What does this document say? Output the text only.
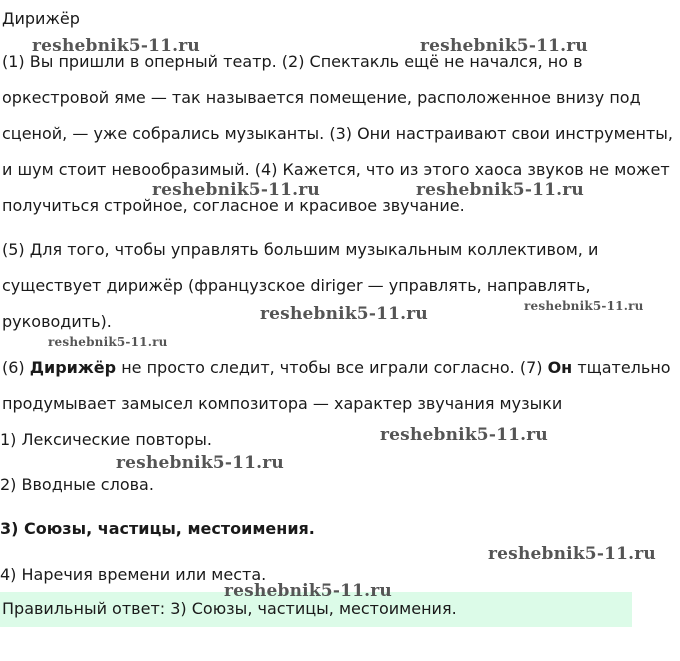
Дирижёр
(1) Вы пришли в оперный театр. (2) Спектакль ещё не начался, но в
оркестровой яме — так называется помещение, расположенное внизу под
сценой, — уже собрались музыканты. (3) Они настраивают свои инструменты,
и шум стоит невообразимый. (4) Кажется, что из этого хаоса звуков не может
получиться стройное, согласное и красивое звучание.
(5) Для того, чтобы управлять большим музыкальным коллективом, и
существует дирижёр (французское diriger — управлять, направлять,
руководить).
(6) Дирижёр не просто следит, чтобы все играли согласно. (7) Он тщательно
продумывает замысел композитора — характер звучания музыки
1) Лексические повторы.
2) Вводные слова.
3) Союзы, частицы, местоимения.
4) Наречия времени или места.
Правильный ответ: 3) Союзы, частицы, местоимения.
reshebnik5-11.ru	reshebnik5-11.ru
reshebnik5-11.ru	reshebnik5-11.ru
reshebnik5-11.ru
reshebnik5-11.ru
reshebnik5-11.ru
reshebnik5-11.ru
reshebnik5-11.ru
reshebnik5-11.ru
reshebnik5-11.ru
